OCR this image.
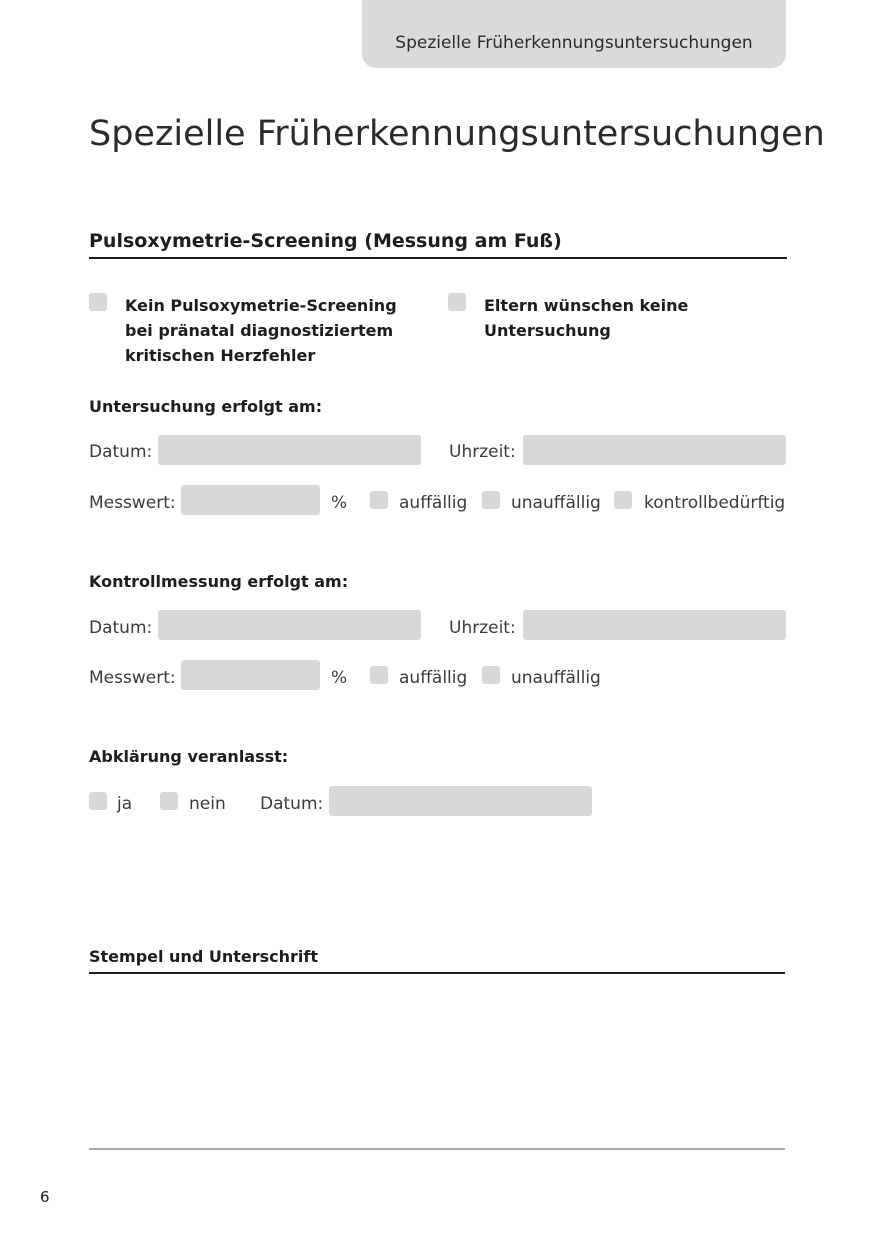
Spezielle Früherkennungsuntersuchungen
Spezielle Früherkennungsuntersuchungen
Pulsoxymetrie-Screening (Messung am Fuß)
Kein Pulsoxymetrie-Screening
bei pränatal diagnostiziertem
kritischen Herzfehler
Eltern wünschen keine
Untersuchung
Untersuchung erfolgt am:
Datum:	Uhrzeit:
Messwert:	%	auffällig	unauffällig	kontrollbedürftig
Kontrollmessung erfolgt am:
Datum:	Uhrzeit:
Messwert:	%	auffällig	unauffällig
Abklärung veranlasst:
ja	nein Datum:
Stempel und Unterschrift
6
